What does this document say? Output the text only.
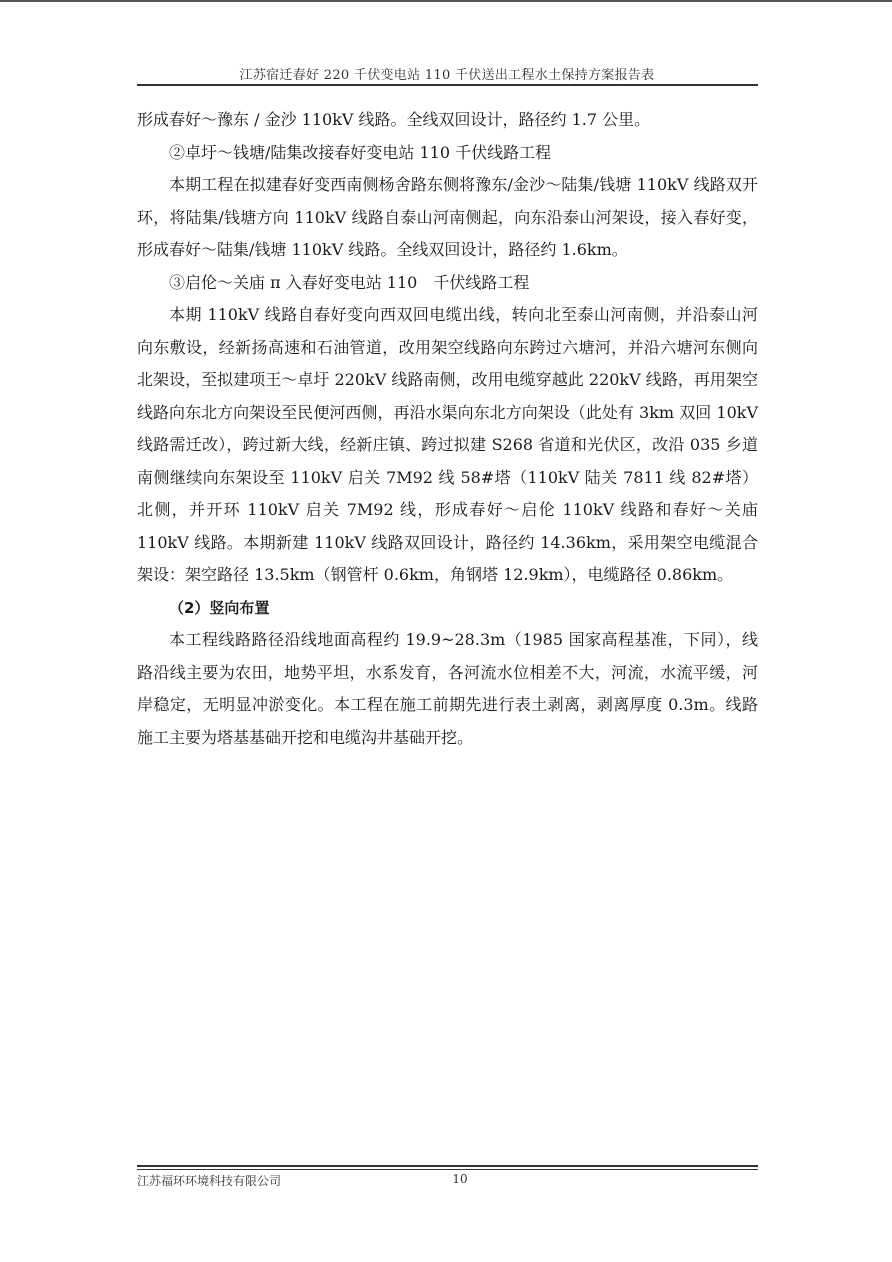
江苏宿迁春好 220 千伏变电站 110 千伏送出工程水土保持方案报告表

形成春好～豫东 / 金沙 110kV 线路。全线双回设计，路径约 1.7 公里。

②卓圩～钱塘/陆集改接春好变电站 110 千伏线路工程

本期工程在拟建春好变西南侧杨舍路东侧将豫东/金沙～陆集/钱塘 110kV 线路双开环，将陆集/钱塘方向 110kV 线路自泰山河南侧起，向东沿泰山河架设，接入春好变，形成春好～陆集/钱塘 110kV 线路。全线双回设计，路径约 1.6km。

③启伦～关庙 π 入春好变电站 110　千伏线路工程

本期 110kV 线路自春好变向西双回电缆出线，转向北至泰山河南侧，并沿泰山河向东敷设，经新扬高速和石油管道，改用架空线路向东跨过六塘河，并沿六塘河东侧向北架设，至拟建项王～卓圩 220kV 线路南侧，改用电缆穿越此 220kV 线路，再用架空线路向东北方向架设至民便河西侧，再沿水渠向东北方向架设（此处有 3km 双回 10kV 线路需迁改），跨过新大线，经新庄镇、跨过拟建 S268 省道和光伏区，改沿 035 乡道南侧继续向东架设至 110kV 启关 7M92 线 58#塔（110kV 陆关 7811 线 82#塔）北侧，并开环 110kV 启关 7M92 线，形成春好～启伦 110kV 线路和春好～关庙 110kV 线路。本期新建 110kV 线路双回设计，路径约 14.36km，采用架空电缆混合架设：架空路径 13.5km（钢管杆 0.6km，角钢塔 12.9km），电缆路径 0.86km。

（2）竖向布置

本工程线路路径沿线地面高程约 19.9~28.3m（1985 国家高程基准，下同），线路沿线主要为农田，地势平坦，水系发育，各河流水位相差不大，河流，水流平缓，河岸稳定，无明显冲淤变化。本工程在施工前期先进行表土剥离，剥离厚度 0.3m。线路施工主要为塔基基础开挖和电缆沟井基础开挖。

江苏福环环境科技有限公司	10
